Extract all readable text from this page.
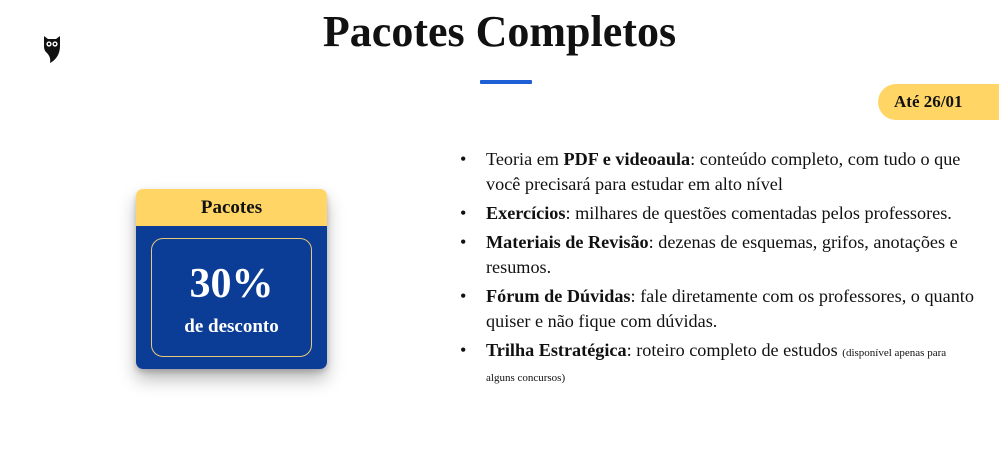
Pacotes Completos
Até 26/01
Pacotes
30%
de desconto
• Teoria em PDF e videoaula: conteúdo completo, com tudo o que você precisará para estudar em alto nível
• Exercícios: milhares de questões comentadas pelos professores.
• Materiais de Revisão: dezenas de esquemas, grifos, anotações e resumos.
• Fórum de Dúvidas: fale diretamente com os professores, o quanto quiser e não fique com dúvidas.
• Trilha Estratégica: roteiro completo de estudos (disponível apenas para alguns concursos)
